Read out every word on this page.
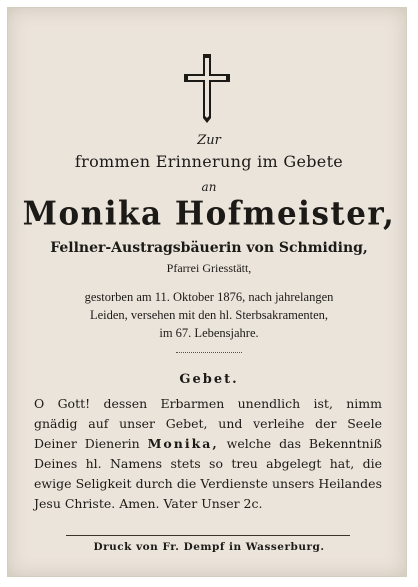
Zur
frommen Erinnerung im Gebete
an
Monika Hofmeister,
Fellner-Austragsbäuerin von Schmiding,
Pfarrei Griesstätt,
gestorben am 11. Oktober 1876, nach jahrelangen
Leiden, versehen mit den hl. Sterbsakramenten,
im 67. Lebensjahre.
Gebet.
O Gott! dessen Erbarmen unendlich ist, nimm
gnädig auf unser Gebet, und verleihe der Seele
Deiner Dienerin Monika, welche das Bekenntniß
Deines hl. Namens stets so treu abgelegt hat, die
ewige Seligkeit durch die Verdienste unsers Heilandes
Jesu Christe. Amen. Vater Unser 2c.
Druck von Fr. Dempf in Wasserburg.
